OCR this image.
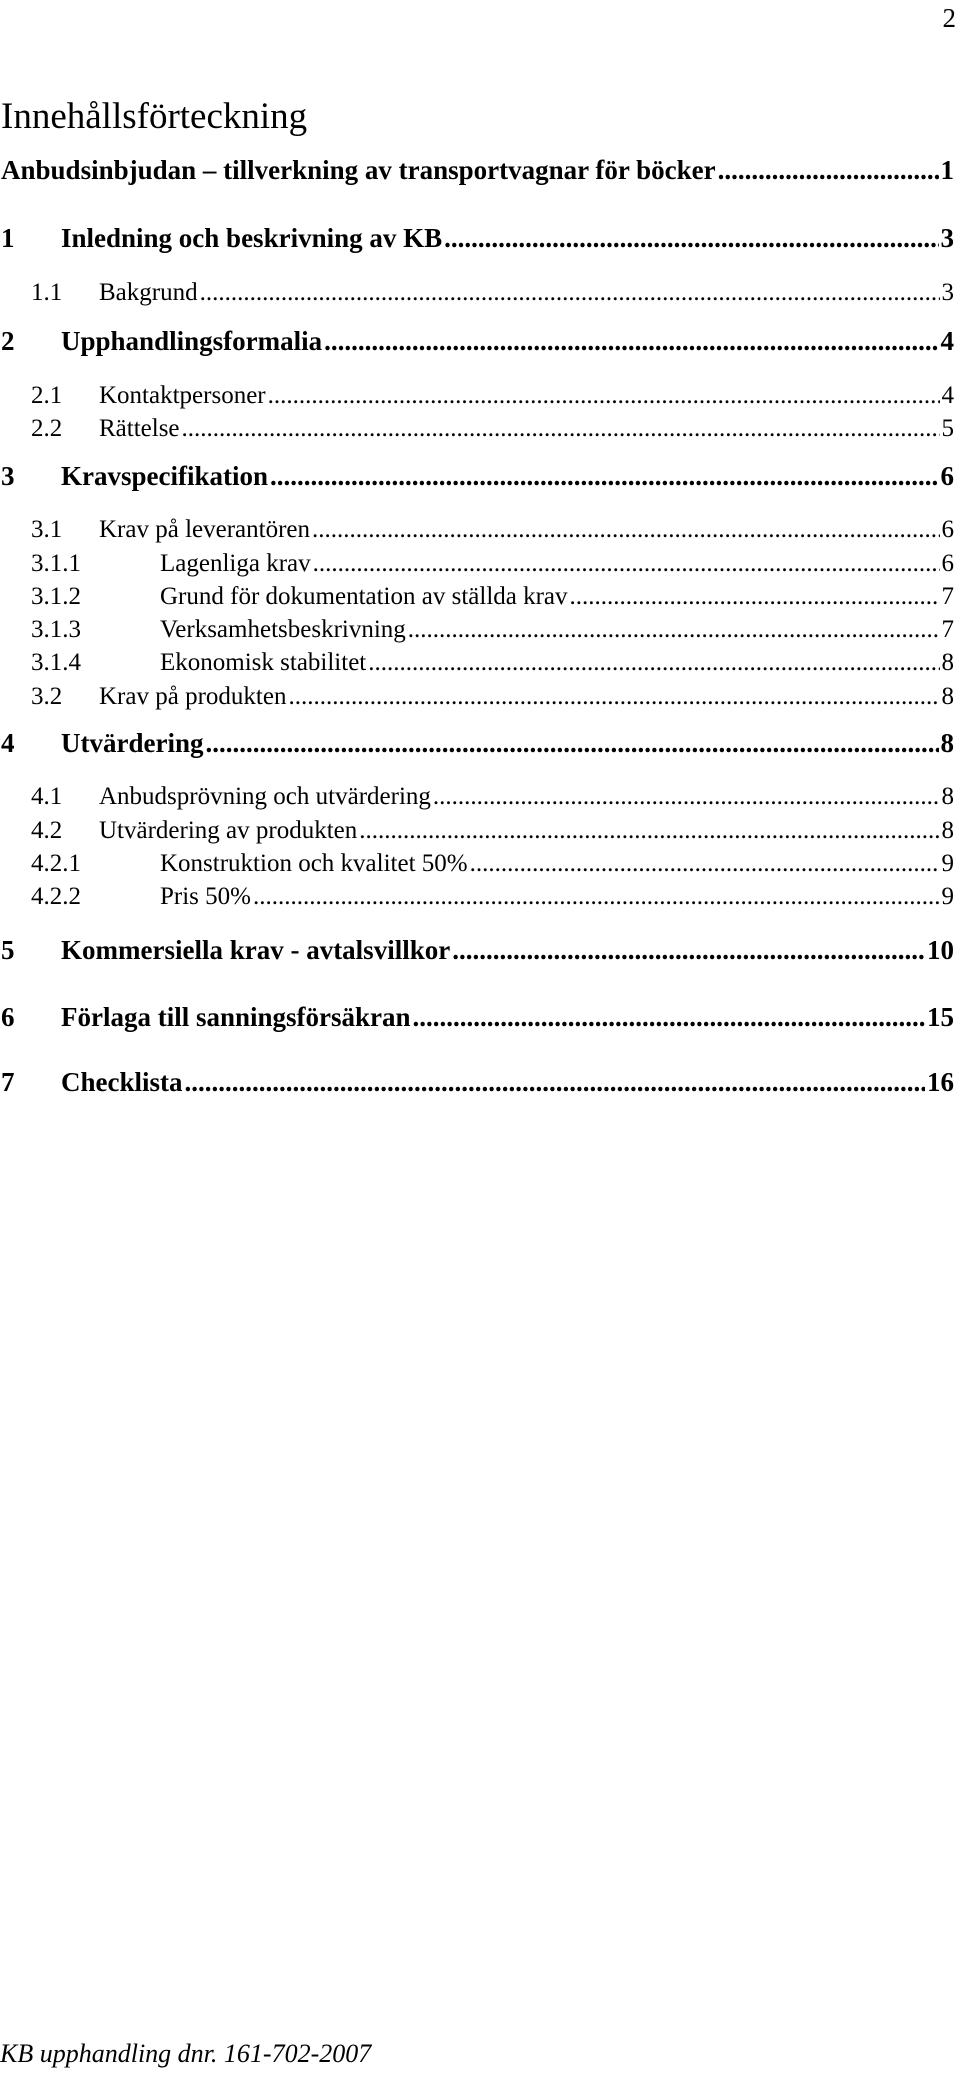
2
Innehållsförteckning
Anbudsinbjudan – tillverkning av transportvagnar för böcker .....	1
1	Inledning och beskrivning av KB .....	3
1.1	Bakgrund .....	3
2	Upphandlingsformalia .....	4
2.1	Kontaktpersoner .....	4
2.2	Rättelse .....	5
3	Kravspecifikation .....	6
3.1	Krav på leverantören .....	6
3.1.1	Lagenliga krav .....	6
3.1.2	Grund för dokumentation av ställda krav .....	7
3.1.3	Verksamhetsbeskrivning .....	7
3.1.4	Ekonomisk stabilitet .....	8
3.2	Krav på produkten .....	8
4	Utvärdering .....	8
4.1	Anbudsprövning och utvärdering .....	8
4.2	Utvärdering av produkten .....	8
4.2.1	Konstruktion och kvalitet 50% .....	9
4.2.2	Pris 50% .....	9
5	Kommersiella krav - avtalsvillkor .....	10
6	Förlaga till sanningsförsäkran .....	15
7	Checklista .....	16
KB upphandling dnr. 161-702-2007
